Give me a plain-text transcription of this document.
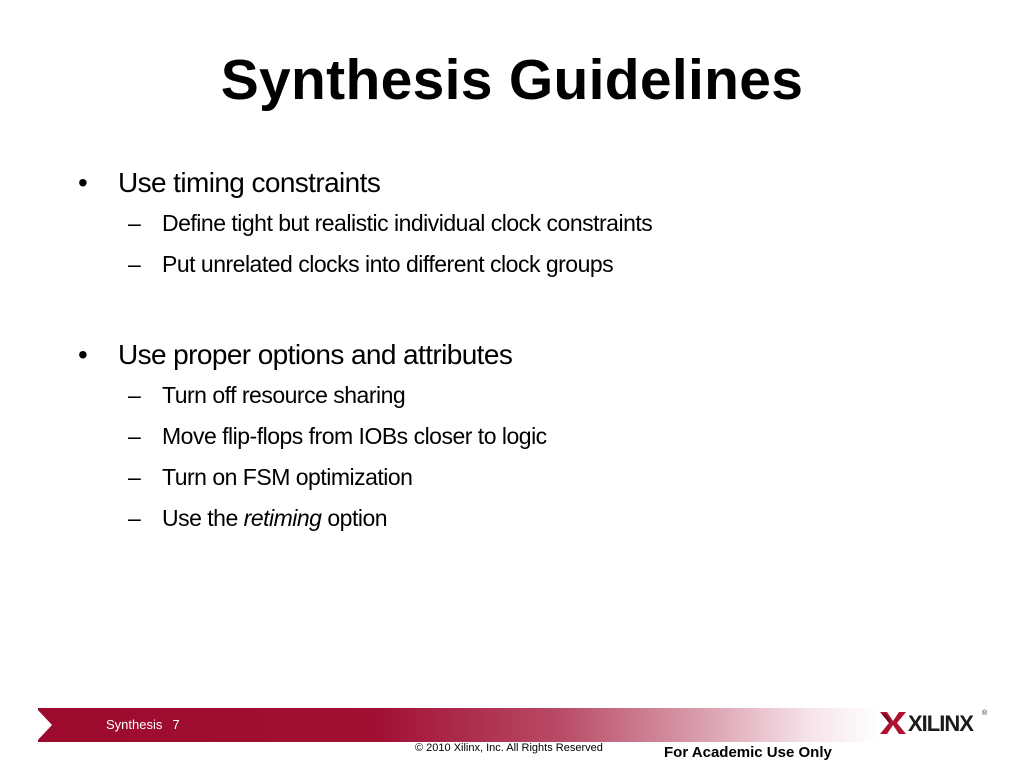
Synthesis Guidelines
•	Use timing constraints
– Define tight but realistic individual clock constraints
– Put unrelated clocks into different clock groups
•	Use proper options and attributes
– Turn off resource sharing
– Move flip-flops from IOBs closer to logic
– Turn on FSM optimization
– Use the retiming option
Synthesis 7
© 2010 Xilinx, Inc. All Rights Reserved	For Academic Use Only
XILINX ®
